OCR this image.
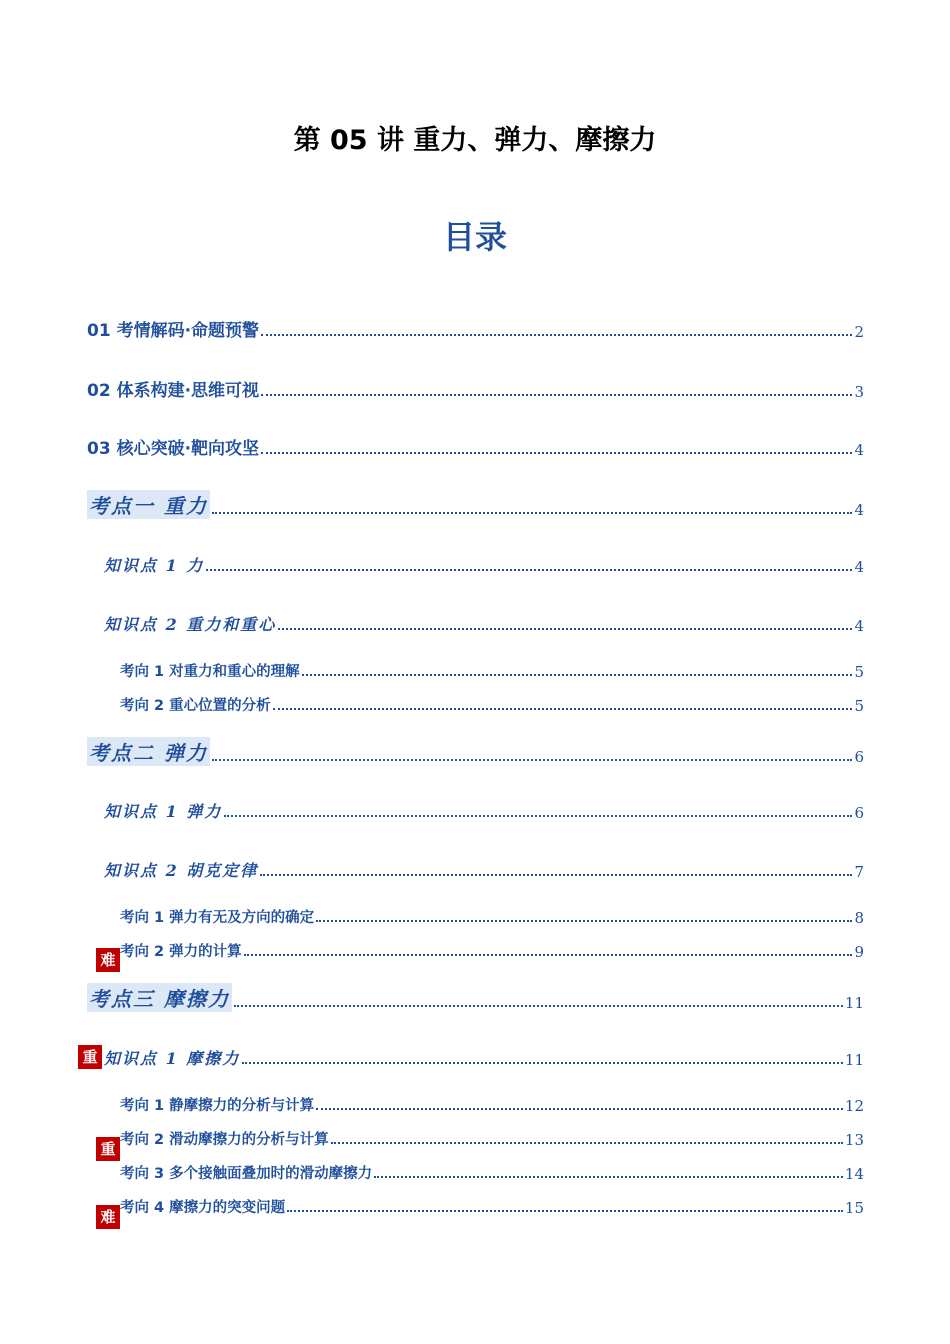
第 05 讲 重力、弹力、摩擦力
目录
01 考情解码·命题预警	2
02 体系构建·思维可视	3
03 核心突破·靶向攻坚	4
考点一 重力	4
知识点 1 力	4
知识点 2 重力和重心	4
考向 1 对重力和重心的理解	5
考向 2 重心位置的分析	5
考点二 弹力	6
知识点 1 弹力	6
知识点 2 胡克定律	7
考向 1 弹力有无及方向的确定	8
考向 2 弹力的计算	9
考点三 摩擦力	11
知识点 1 摩擦力	11
考向 1 静摩擦力的分析与计算	12
考向 2 滑动摩擦力的分析与计算	13
考向 3 多个接触面叠加时的滑动摩擦力	14
考向 4 摩擦力的突变问题	15
难
重
重
难
